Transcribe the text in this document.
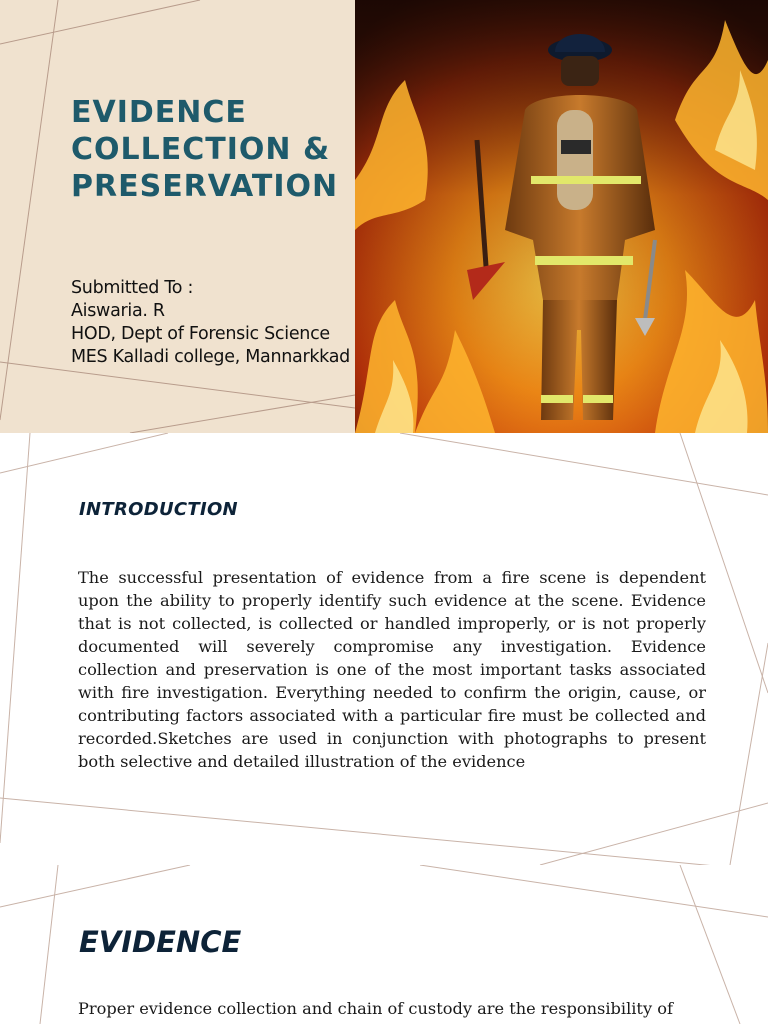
EVIDENCE
COLLECTION &
PRESERVATION

Submitted To :

Aiswaria. R

HOD, Dept of Forensic Science

MES Kalladi college, Mannarkkad

INTRODUCTION

The successful presentation of evidence from a fire scene is dependent upon the ability to properly identify such evidence at the scene. Evidence that is not collected, is collected or handled improperly, or is not properly documented will severely compromise any investigation. Evidence collection and preservation is one of the most important tasks associated with fire investigation. Everything needed to confirm the origin, cause, or contributing factors associated with a particular fire must be collected and recorded.Sketches are used in conjunction with photographs to present both selective and detailed illustration of the evidence

EVIDENCE

Proper evidence collection and chain of custody are the responsibility of
